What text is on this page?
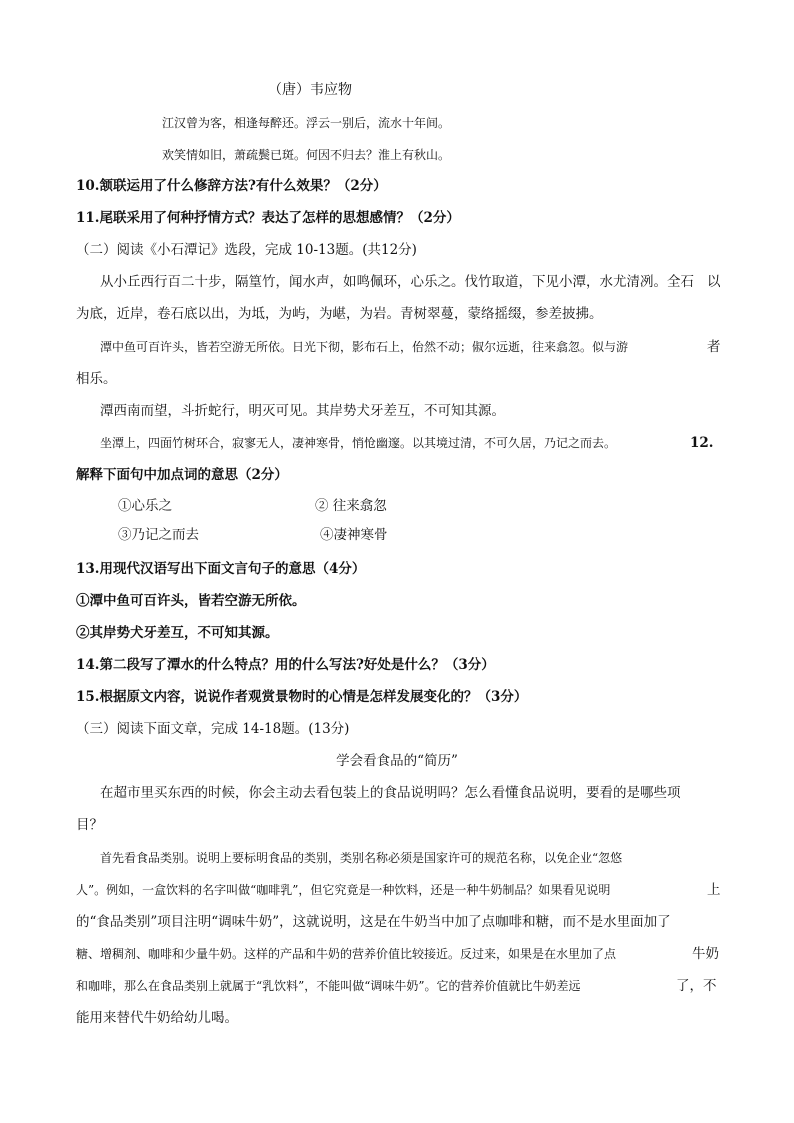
（唐）韦应物
江汉曾为客，相逢每醉还。浮云一别后，流水十年间。
欢笑情如旧，萧疏鬓已斑。何因不归去？淮上有秋山。
10.颔联运用了什么修辞方法?有什么效果？（2分）
11.尾联采用了何种抒情方式？表达了怎样的思想感情？（2分）
（二）阅读《小石潭记》选段，完成 10-13题。(共12分)
从小丘西行百二十步，隔篁竹，闻水声，如鸣佩环，心乐之。伐竹取道，下见小潭，水尤清冽。全石 以
为底，近岸，卷石底以出，为坻，为屿，为嵁，为岩。青树翠蔓，蒙络摇缀，参差披拂。
潭中鱼可百许头，皆若空游无所依。日光下彻，影布石上，佁然不动；俶尔远逝，往来翕忽。似与游	者
相乐。
潭西南而望，斗折蛇行，明灭可见。其岸势犬牙差互，不可知其源。
坐潭上，四面竹树环合，寂寥无人，凄神寒骨，悄怆幽邃。以其境过清，不可久居，乃记之而去。	12.
解释下面句中加点词的意思（2分）
①心乐之	② 往来翕忽
③乃记之而去	④凄神寒骨
13.用现代汉语写出下面文言句子的意思（4分）
①潭中鱼可百许头，皆若空游无所依。
②其岸势犬牙差互，不可知其源。
14.第二段写了潭水的什么特点？用的什么写法?好处是什么？（3分）
15.根据原文内容，说说作者观赏景物时的心情是怎样发展变化的？（3分）
（三）阅读下面文章，完成 14-18题。(13分)
学会看食品的“简历”
在超市里买东西的时候，你会主动去看包装上的食品说明吗？怎么看懂食品说明，要看的是哪些项
目？
首先看食品类别。说明上要标明食品的类别，类别名称必须是国家许可的规范名称，以免企业“忽悠
人”。例如，一盒饮料的名字叫做“咖啡乳”，但它究竟是一种饮料，还是一种牛奶制品？如果看见说明	上
的“食品类别”项目注明“调味牛奶”，这就说明，这是在牛奶当中加了点咖啡和糖，而不是水里面加了
糖、增稠剂、咖啡和少量牛奶。这样的产品和牛奶的营养价值比较接近。反过来，如果是在水里加了点	牛奶
和咖啡，那么在食品类别上就属于“乳饮料”，不能叫做“调味牛奶”。它的营养价值就比牛奶差远	了，不
能用来替代牛奶给幼儿喝。
